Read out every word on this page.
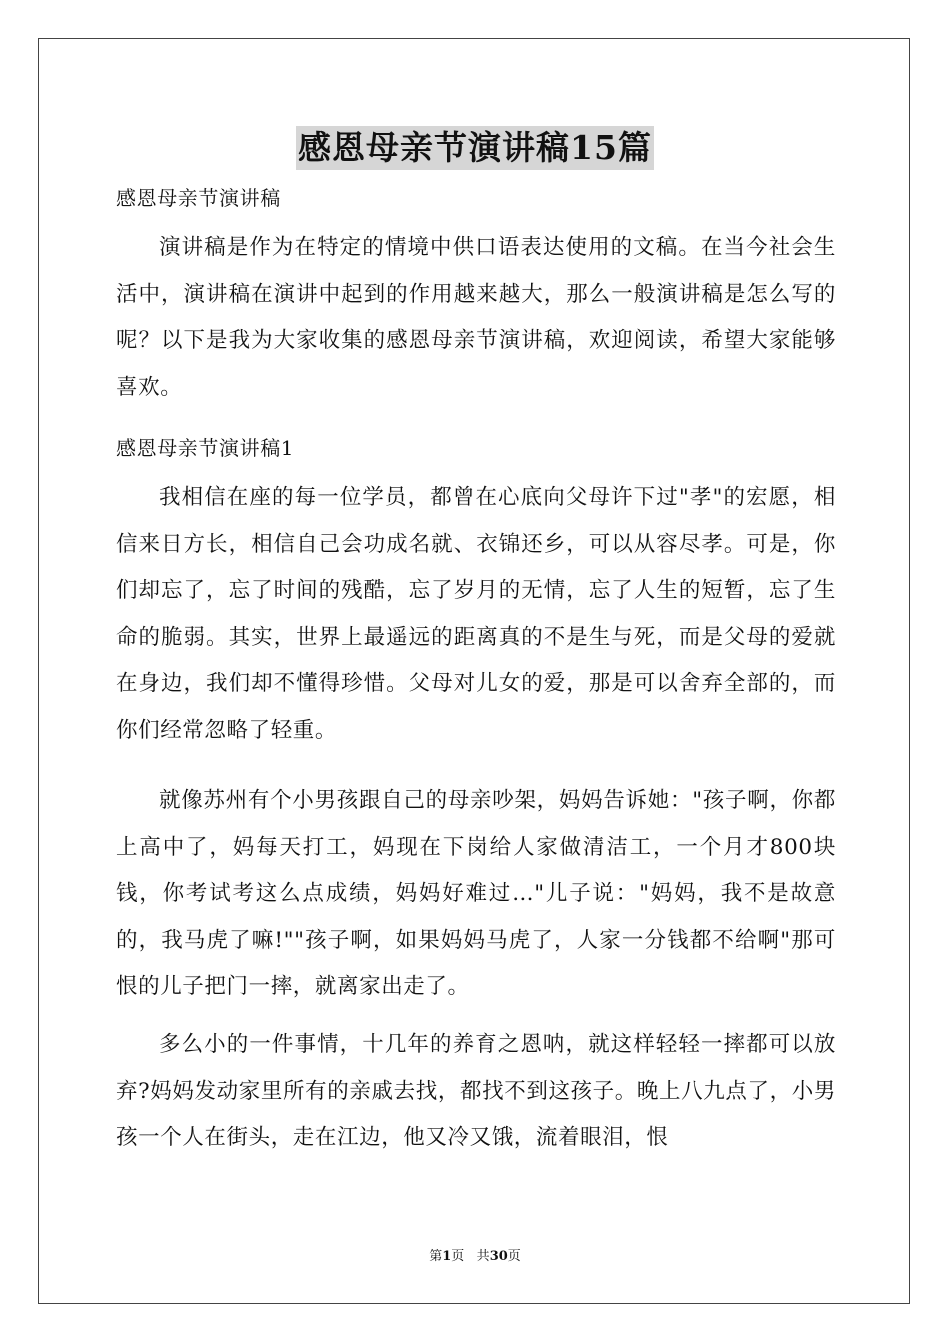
感恩母亲节演讲稿15篇

感恩母亲节演讲稿

演讲稿是作为在特定的情境中供口语表达使用的文稿。在当今社会生活中，演讲稿在演讲中起到的作用越来越大，那么一般演讲稿是怎么写的呢？以下是我为大家收集的感恩母亲节演讲稿，欢迎阅读，希望大家能够喜欢。

感恩母亲节演讲稿1

我相信在座的每一位学员，都曾在心底向父母许下过"孝"的宏愿，相信来日方长，相信自己会功成名就、衣锦还乡，可以从容尽孝。可是，你们却忘了，忘了时间的残酷，忘了岁月的无情，忘了人生的短暂，忘了生命的脆弱。其实，世界上最遥远的距离真的不是生与死，而是父母的爱就在身边，我们却不懂得珍惜。父母对儿女的爱，那是可以舍弃全部的，而你们经常忽略了轻重。

就像苏州有个小男孩跟自己的母亲吵架，妈妈告诉她："孩子啊，你都上高中了，妈每天打工，妈现在下岗给人家做清洁工，一个月才800块钱，你考试考这么点成绩，妈妈好难过…"儿子说："妈妈，我不是故意的，我马虎了嘛!""孩子啊，如果妈妈马虎了，人家一分钱都不给啊"那可恨的儿子把门一摔，就离家出走了。

多么小的一件事情，十几年的养育之恩呐，就这样轻轻一摔都可以放弃?妈妈发动家里所有的亲戚去找，都找不到这孩子。晚上八九点了，小男孩一个人在街头，走在江边，他又冷又饿，流着眼泪，恨

第1页 共30页
